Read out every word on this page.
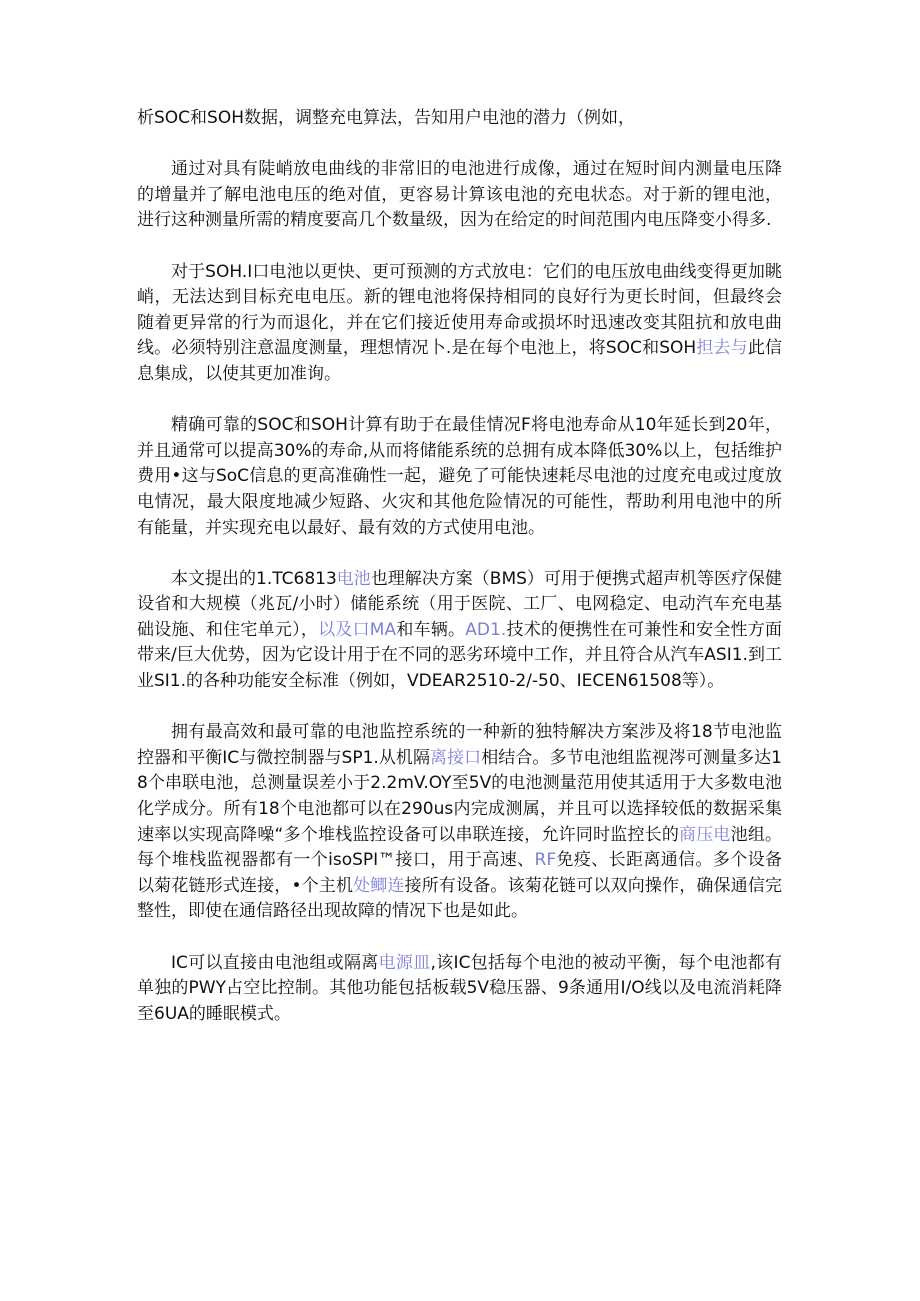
析SOC和SOH数据，调整充电算法，告知用户电池的潜力（例如，

通过对具有陡峭放电曲线的非常旧的电池进行成像，通过在短时间内测量电压降的增量并了解电池电压的绝对值，更容易计算该电池的充电状态。对于新的锂电池，进行这种测量所需的精度要高几个数量级，因为在给定的时间范围内电压降变小得多.

对于SOH.I口电池以更快、更可预测的方式放电：它们的电压放电曲线变得更加眺峭，无法达到目标充电电压。新的锂电池将保持相同的良好行为更长时间，但最终会随着更异常的行为而退化，并在它们接近使用寿命或损坏时迅速改变其阻抗和放电曲线。必须特别注意温度测量，理想情况卜.是在每个电池上，将SOC和SOH担去与此信息集成，以使其更加准询。

精确可靠的SOC和SOH计算有助于在最佳情况F将电池寿命从10年延长到20年，并且通常可以提高30%的寿命,从而将储能系统的总拥有成本降低30%以上，包括维护费用•这与SoC信息的更高准确性一起，避免了可能快速耗尽电池的过度充电或过度放电情况，最大限度地减少短路、火灾和其他危险情况的可能性，帮助利用电池中的所有能量，并实现充电以最好、最有效的方式使用电池。

本文提出的1.TC6813电池也理解决方案（BMS）可用于便携式超声机等医疗保健设省和大规模（兆瓦/小时）储能系统（用于医院、工厂、电网稳定、电动汽车充电基础设施、和住宅单元），以及口MA和车辆。AD1.技术的便携性在可兼性和安全性方面带来/巨大优势，因为它设计用于在不同的恶劣环境中工作，并且符合从汽车ASI1.到工业SI1.的各种功能安全标准（例如，VDEAR2510-2/-50、IECEN61508等）。

拥有最高效和最可靠的电池监控系统的一种新的独特解决方案涉及将18节电池监控器和平衡IC与微控制器与SP1.从机隔离接口相结合。多节电池组监视涔可测量多达18个串联电池，总测量误差小于2.2mV.OY至5V的电池测量范用使其适用于大多数电池化学成分。所有18个电池都可以在290us内完成测属，并且可以选择较低的数据采集速率以实现高降噪“多个堆栈监控设备可以串联连接，允许同时监控长的商压电池组。每个堆栈监视器都有一个isoSPI™接口，用于高速、RF免疫、长距离通信。多个设备以菊花链形式连接，•个主机处鲫连接所有设备。该菊花链可以双向操作，确保通信完整性，即使在通信路径出现故障的情况下也是如此。

IC可以直接由电池组或隔离电源皿,该IC包括每个电池的被动平衡，每个电池都有单独的PWY占空比控制。其他功能包括板载5V稳压器、9条通用I/O线以及电流消耗降至6UA的睡眠模式。
